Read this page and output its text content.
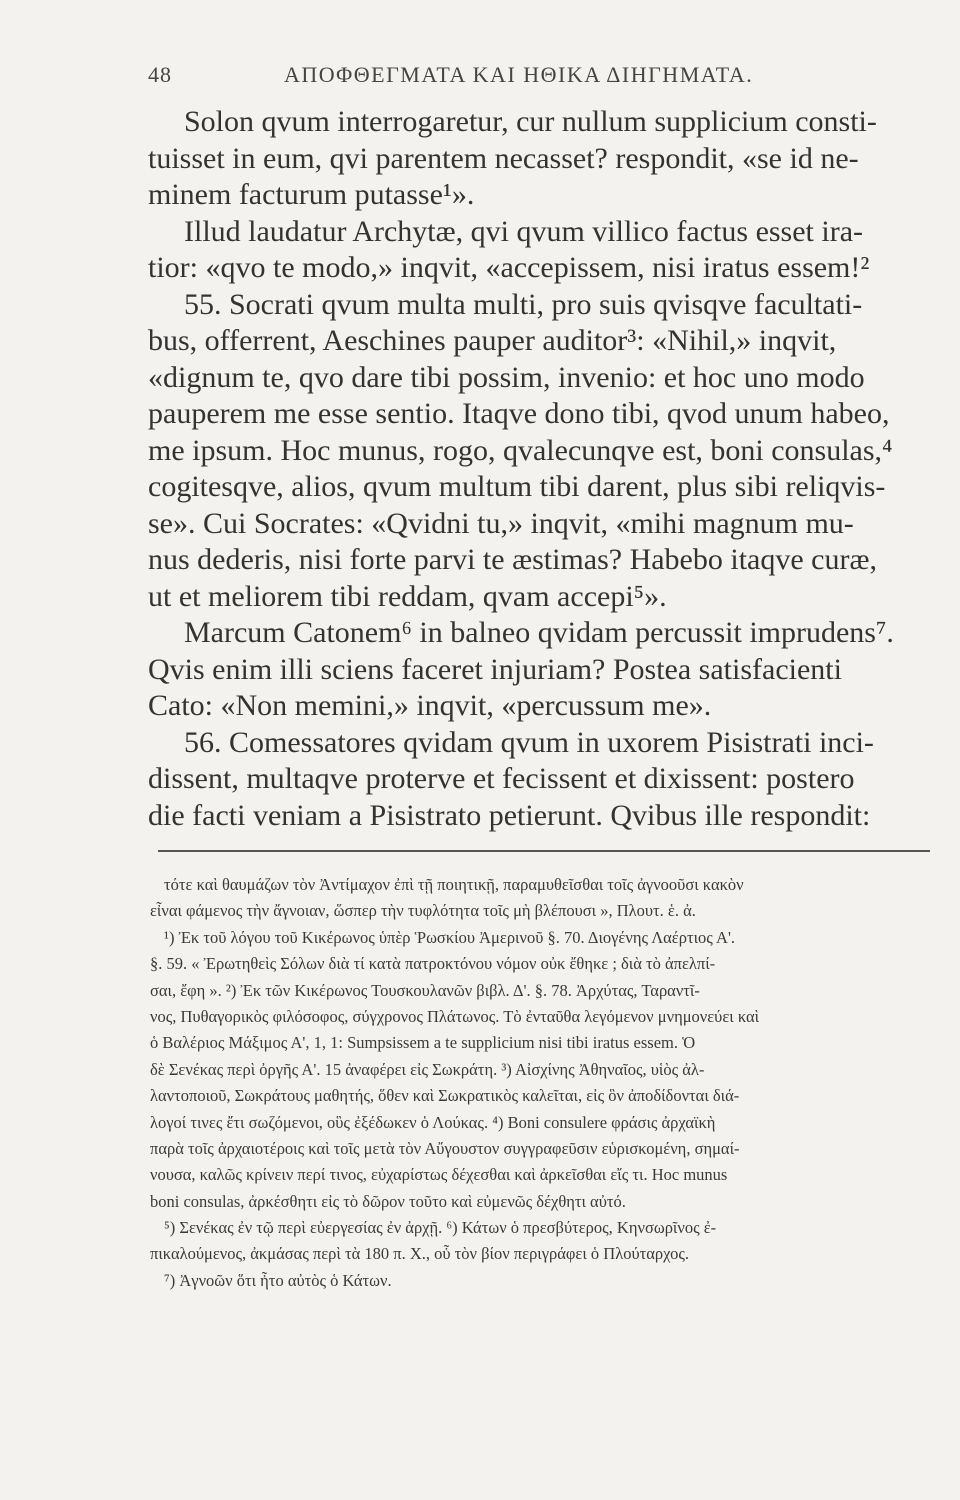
48	ΑΠΟΦΘΕΓΜΑΤΑ ΚΑΙ ΗΘΙΚΑ ΔΙΗΓΗΜΑΤΑ.
Solon qvum interrogaretur, cur nullum supplicium consti-
tuisset in eum, qvi parentem necasset? respondit, «se id ne-
minem facturum putasse¹».
Illud laudatur Archytæ, qvi qvum villico factus esset ira-
tior: «qvo te modo,» inqvit, «accepissem, nisi iratus essem!²
55. Socrati qvum multa multi, pro suis qvisqve facultati-
bus, offerrent, Aeschines pauper auditor³: «Nihil,» inqvit,
«dignum te, qvo dare tibi possim, invenio: et hoc uno modo
pauperem me esse sentio. Itaqve dono tibi, qvod unum habeo,
me ipsum. Hoc munus, rogo, qvalecunqve est, boni consulas,⁴
cogitesqve, alios, qvum multum tibi darent, plus sibi reliqvis-
se». Cui Socrates: «Qvidni tu,» inqvit, «mihi magnum mu-
nus dederis, nisi forte parvi te æstimas? Habebo itaqve curæ,
ut et meliorem tibi reddam, qvam accepi⁵».
Marcum Catonem⁶ in balneo qvidam percussit imprudens⁷.
Qvis enim illi sciens faceret injuriam? Postea satisfacienti
Cato: «Non memini,» inqvit, «percussum me».
56. Comessatores qvidam qvum in uxorem Pisistrati inci-
dissent, multaqve proterve et fecissent et dixissent: postero
die facti veniam a Pisistrato petierunt. Qvibus ille respondit:
τότε καὶ θαυμάζων τὸν Ἀντίμαχον ἐπὶ τῇ ποιητικῇ, παραμυθεῖσθαι τοῖς ἀγνοοῦσι κακὸν
εἶναι φάμενος τὴν ἄγνοιαν, ὥσπερ τὴν τυφλότητα τοῖς μὴ βλέπουσι », Πλουτ. ἑ. ἀ.
¹) Ἐκ τοῦ λόγου τοῦ Κικέρωνος ὑπὲρ Ῥωσκίου Ἀμερινοῦ §. 70. Διογένης Λαέρτιος Α'.
§. 59. « Ἐρωτηθεὶς Σόλων διὰ τί κατὰ πατροκτόνου νόμον οὐκ ἔθηκε ; διὰ τὸ ἀπελπί-
σαι, ἔφη ». ²) Ἐκ τῶν Κικέρωνος Τουσκουλανῶν βιβλ. Δ'. §. 78. Ἀρχύτας, Ταραντῖ-
νος, Πυθαγορικὸς φιλόσοφος, σύγχρονος Πλάτωνος. Τὸ ἐνταῦθα λεγόμενον μνημονεύει καὶ
ὁ Βαλέριος Μάξιμος Α', 1, 1: Sumpsissem a te supplicium nisi tibi iratus essem. Ὁ
δὲ Σενέκας περὶ ὀργῆς Α'. 15 ἀναφέρει εἰς Σωκράτη. ³) Αἰσχίνης Ἀθηναῖος, υἱὸς ἀλ-
λαντοποιοῦ, Σωκράτους μαθητής, ὅθεν καὶ Σωκρατικὸς καλεῖται, εἰς ὃν ἀποδίδονται διά-
λογοί τινες ἔτι σωζόμενοι, οὓς ἐξέδωκεν ὁ Λούκας. ⁴) Boni consulere φράσις ἀρχαϊκὴ
παρὰ τοῖς ἀρχαιοτέροις καὶ τοῖς μετὰ τὸν Αὔγουστον συγγραφεῦσιν εὑρισκομένη, σημαί-
νουσα, καλῶς κρίνειν περί τινος, εὐχαρίστως δέχεσθαι καὶ ἀρκεῖσθαι εἴς τι. Hoc munus
boni consulas, ἀρκέσθητι εἰς τὸ δῶρον τοῦτο καὶ εὐμενῶς δέχθητι αὐτό.
⁵) Σενέκας ἐν τῷ περὶ εὐεργεσίας ἐν ἀρχῇ. ⁶) Κάτων ὁ πρεσβύτερος, Κηνσωρῖνος ἐ-
πικαλούμενος, ἀκμάσας περὶ τὰ 180 π. Χ., οὗ τὸν βίον περιγράφει ὁ Πλούταρχος.
⁷) Ἀγνοῶν ὅτι ἦτο αὐτὸς ὁ Κάτων.
